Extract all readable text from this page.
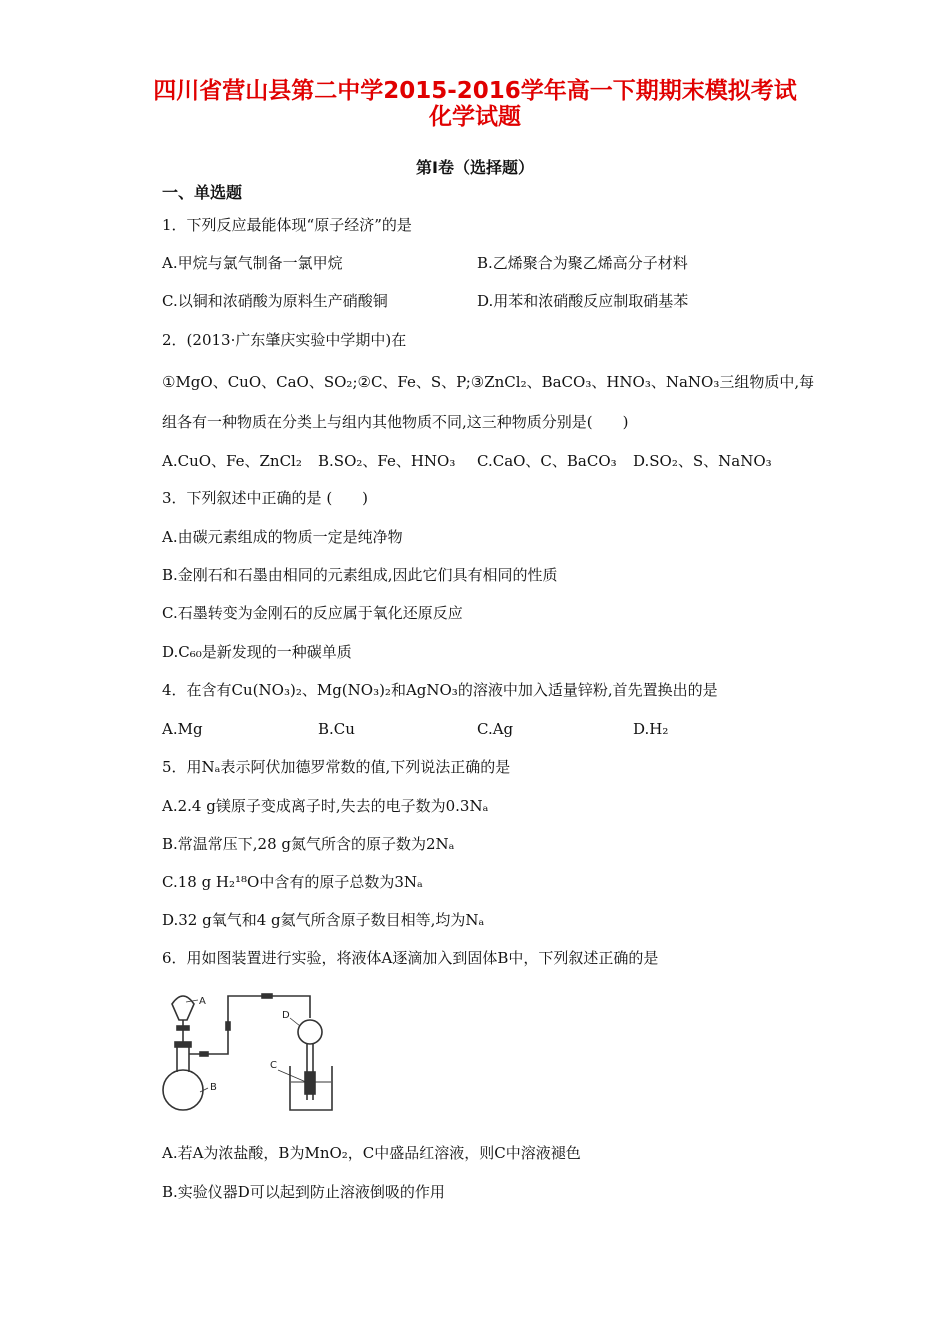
四川省营山县第二中学2015-2016学年高一下期期末模拟考试
化学试题
第Ⅰ卷（选择题）
一、单选题
1．下列反应最能体现“原子经济”的是
A.甲烷与氯气制备一氯甲烷	B.乙烯聚合为聚乙烯高分子材料
C.以铜和浓硝酸为原料生产硝酸铜	D.用苯和浓硝酸反应制取硝基苯
2．(2013·广东肇庆实验中学期中)在
①MgO、CuO、CaO、SO₂;②C、Fe、S、P;③ZnCl₂、BaCO₃、HNO₃、NaNO₃三组物质中,每
组各有一种物质在分类上与组内其他物质不同,这三种物质分别是(　　)
A.CuO、Fe、ZnCl₂ B.SO₂、Fe、HNO₃ C.CaO、C、BaCO₃ D.SO₂、S、NaNO₃
3．下列叙述中正确的是 (　　)
A.由碳元素组成的物质一定是纯净物
B.金刚石和石墨由相同的元素组成,因此它们具有相同的性质
C.石墨转变为金刚石的反应属于氧化还原反应
D.C₆₀是新发现的一种碳单质
4．在含有Cu(NO₃)₂、Mg(NO₃)₂和AgNO₃的溶液中加入适量锌粉,首先置换出的是
A.Mg	B.Cu	C.Ag	D.H₂
5．用Nₐ表示阿伏加德罗常数的值,下列说法正确的是
A.2.4 g镁原子变成离子时,失去的电子数为0.3Nₐ
B.常温常压下,28 g氮气所含的原子数为2Nₐ
C.18 g H₂¹⁸O中含有的原子总数为3Nₐ
D.32 g氧气和4 g氦气所含原子数目相等,均为Nₐ
6．用如图装置进行实验，将液体A逐滴加入到固体B中，下列叙述正确的是
A
B
C
D
A.若A为浓盐酸，B为MnO₂，C中盛品红溶液，则C中溶液褪色
B.实验仪器D可以起到防止溶液倒吸的作用
